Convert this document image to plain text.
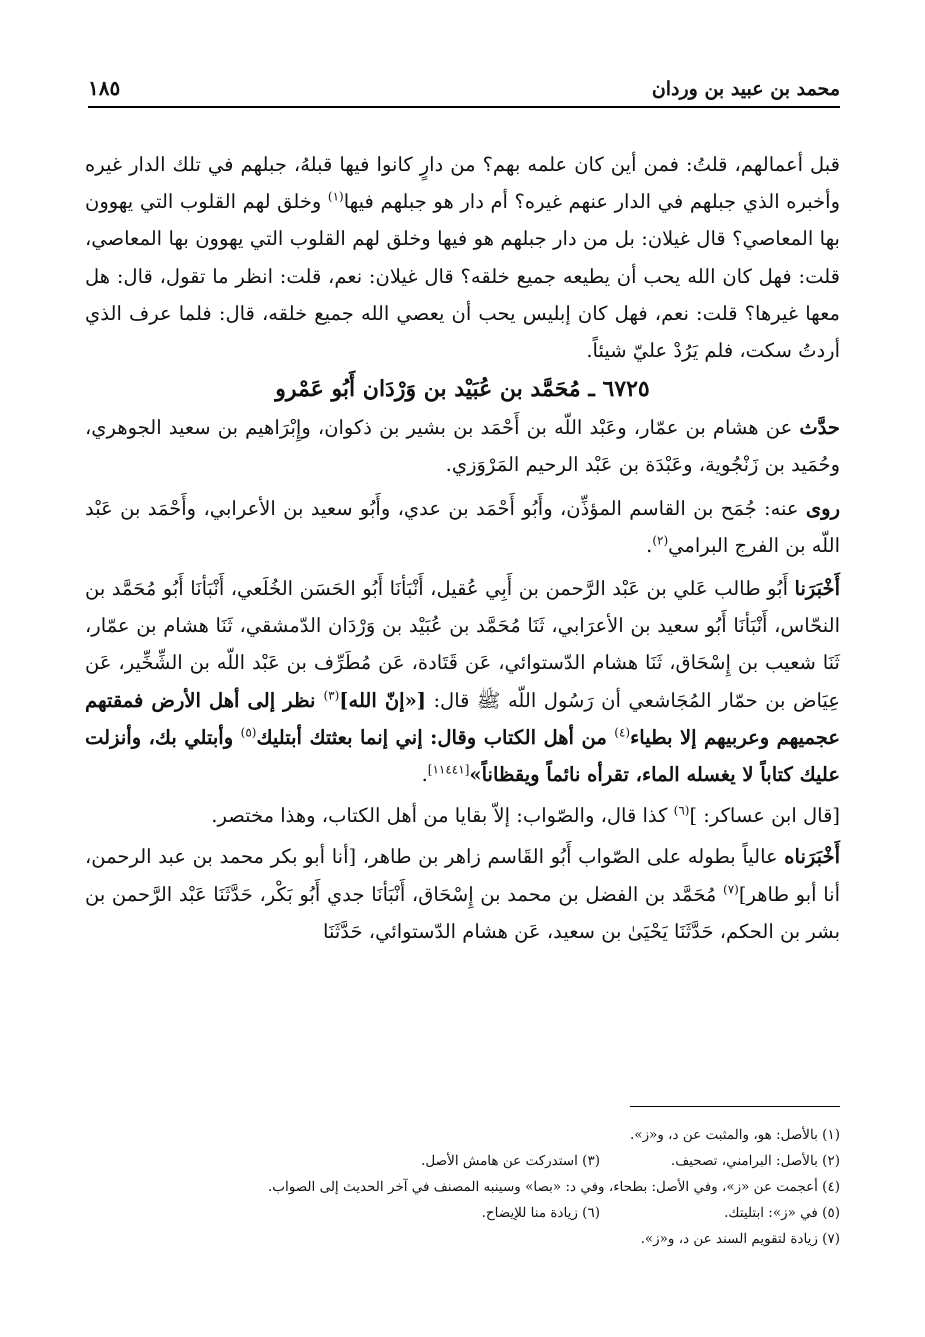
محمد بن عبيد بن وردان
١٨٥

قبل أعمالهم، قلتُ: فمن أين كان علمه بهم؟ من دارٍ كانوا فيها قبلهُ، جبلهم في تلك الدار غيره وأخبره الذي جبلهم في الدار عنهم غيره؟ أم دار هو جبلهم فيها$^{(١)}$ وخلق لهم القلوب التي يهوون بها المعاصي؟ قال غيلان: بل من دار جبلهم هو فيها وخلق لهم القلوب التي يهوون بها المعاصي، قلت: فهل كان الله يحب أن يطيعه جميع خلقه؟ قال غيلان: نعم، قلت: انظر ما تقول، قال: هل معها غيرها؟ قلت: نعم، فهل كان إبليس يحب أن يعصي الله جميع خلقه، قال: فلما عرف الذي أردتُ سكت، فلم يَرُدْ عليّ شيئاً.

٦٧٢٥ ـ مُحَمَّد بن عُبَيْد بن وَرْدَان أَبُو عَمْرو

حدَّث عن هشام بن عمّار، وعَبْد اللّه بن أَحْمَد بن بشير بن ذكوان، وإِبْرَاهيم بن سعيد الجوهري، وحُمَيد بن زَنْجُوية، وعَبْدَة بن عَبْد الرحيم المَرْوَزي.

روى عنه: جُمَح بن القاسم المؤذِّن، وأَبُو أَحْمَد بن عدي، وأَبُو سعيد بن الأعرابي، وأَحْمَد بن عَبْد اللّه بن الفرج البرامي$^{(٢)}$.

أَخْبَرَنا أَبُو طالب عَلي بن عَبْد الرَّحمن بن أَبِي عُقيل، أَنْبَأنَا أَبُو الحَسَن الخُلَعي، أَنْبَأنَا أَبُو مُحَمَّد بن النحّاس، أَنْبَأنَا أَبُو سعيد بن الأعرَابي، ثَنَا مُحَمَّد بن عُبَيْد بن وَرْدَان الدّمشقي، ثَنَا هشام بن عمّار، ثَنَا شعيب بن إِسْحَاق، ثَنَا هشام الدّستوائي، عَن قَتَادة، عَن مُطَرِّف بن عَبْد اللّه بن الشِّخِّير، عَن عِيَاض بن حمّار المُجَاشعي أن رَسُول اللّه ﷺ قال: [«إنّ الله]$^{(٣)}$ نظر إلى أهل الأرض فمقتهم عجميهم وعربيهم إلا بطياء$^{(٤)}$ من أهل الكتاب وقال: إني إنما بعثتك أبتليك$^{(٥)}$ وأبتلي بك، وأنزلت عليك كتاباً لا يغسله الماء، تقرأه نائماً ويقظاناً»[١١٤٤١].

[قال ابن عساكر: ]$^{(٦)}$ كذا قال، والصّواب: إلاّ بقايا من أهل الكتاب، وهذا مختصر.

أَخْبَرَناه عالياً بطوله على الصّواب أَبُو القَاسم زاهر بن طاهر، [أنا أبو بكر محمد بن عبد الرحمن، أنا أبو طاهر]$^{(٧)}$ مُحَمَّد بن الفضل بن محمد بن إِسْحَاق، أَنْبَأنَا جدي أَبُو بَكْر، حَدَّثَنَا عَبْد الرَّحمن بن بشر بن الحكم، حَدَّثَنَا يَحْيَىٰ بن سعيد، عَن هشام الدّستوائي، حَدَّثَنَا

(١) بالأصل: هو، والمثبت عن د، و«ز».
(٢) بالأصل: البرامني، تصحيف.
(٣) استدركت عن هامش الأصل.
(٤) أعجمت عن «ز»، وفي الأصل: بطحاء، وفي د: «بصا» وسينبه المصنف في آخر الحديث إلى الصواب.
(٥) في «ز»: ابتليتك.
(٦) زيادة منا للإيضاح.
(٧) زيادة لتقويم السند عن د، و«ز».
